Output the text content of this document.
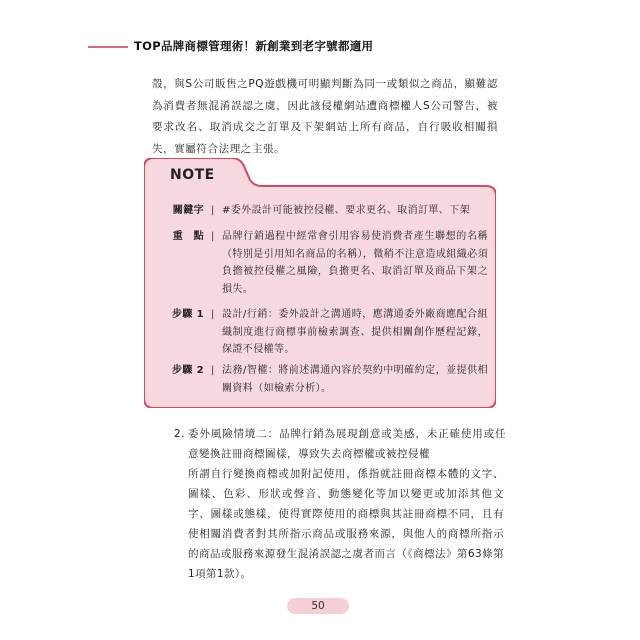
TOP品牌商標管理術！新創業到老字號都適用
殼，與S公司販售之PQ遊戲機可明顯判斷為同一或類似之商品，顯難認為消費者無混淆誤認之虞，因此該侵權網站遭商標權人S公司警告，被要求改名、取消成交之訂單及下架網站上所有商品，自行吸收相關損失，實屬符合法理之主張。
NOTE
關鍵字 | #委外設計可能被控侵權、要求更名、取消訂單、下架
重　點 | 品牌行銷過程中經常會引用容易使消費者產生聯想的名稱（特別是引用知名商品的名稱），微稍不注意造成組織必須負擔被控侵權之風險，負擔更名、取消訂單及商品下架之損失。
步驟 1 | 設計/行銷：委外設計之溝通時，應溝通委外廠商應配合組織制度進行商標事前檢索調查、提供相關創作歷程記錄，保證不侵權等。
步驟 2 | 法務/智權：將前述溝通內容於契約中明確約定，並提供相關資料（如檢索分析）。
2. 委外風險情境二：品牌行銷為展現創意或美感，未正確使用或任意變換註冊商標圖樣，導致失去商標權或被控侵權
所謂自行變換商標或加附記使用，係指就註冊商標本體的文字、圖樣、色彩、形狀或聲音、動態變化等加以變更或加添其他文字、圖樣或態樣，使得實際使用的商標與其註冊商標不同，且有使相關消費者對其所指示商品或服務來源，與他人的商標所指示的商品或服務來源發生混淆誤認之虞者而言（《商標法》第63條第1項第1款）。
50
